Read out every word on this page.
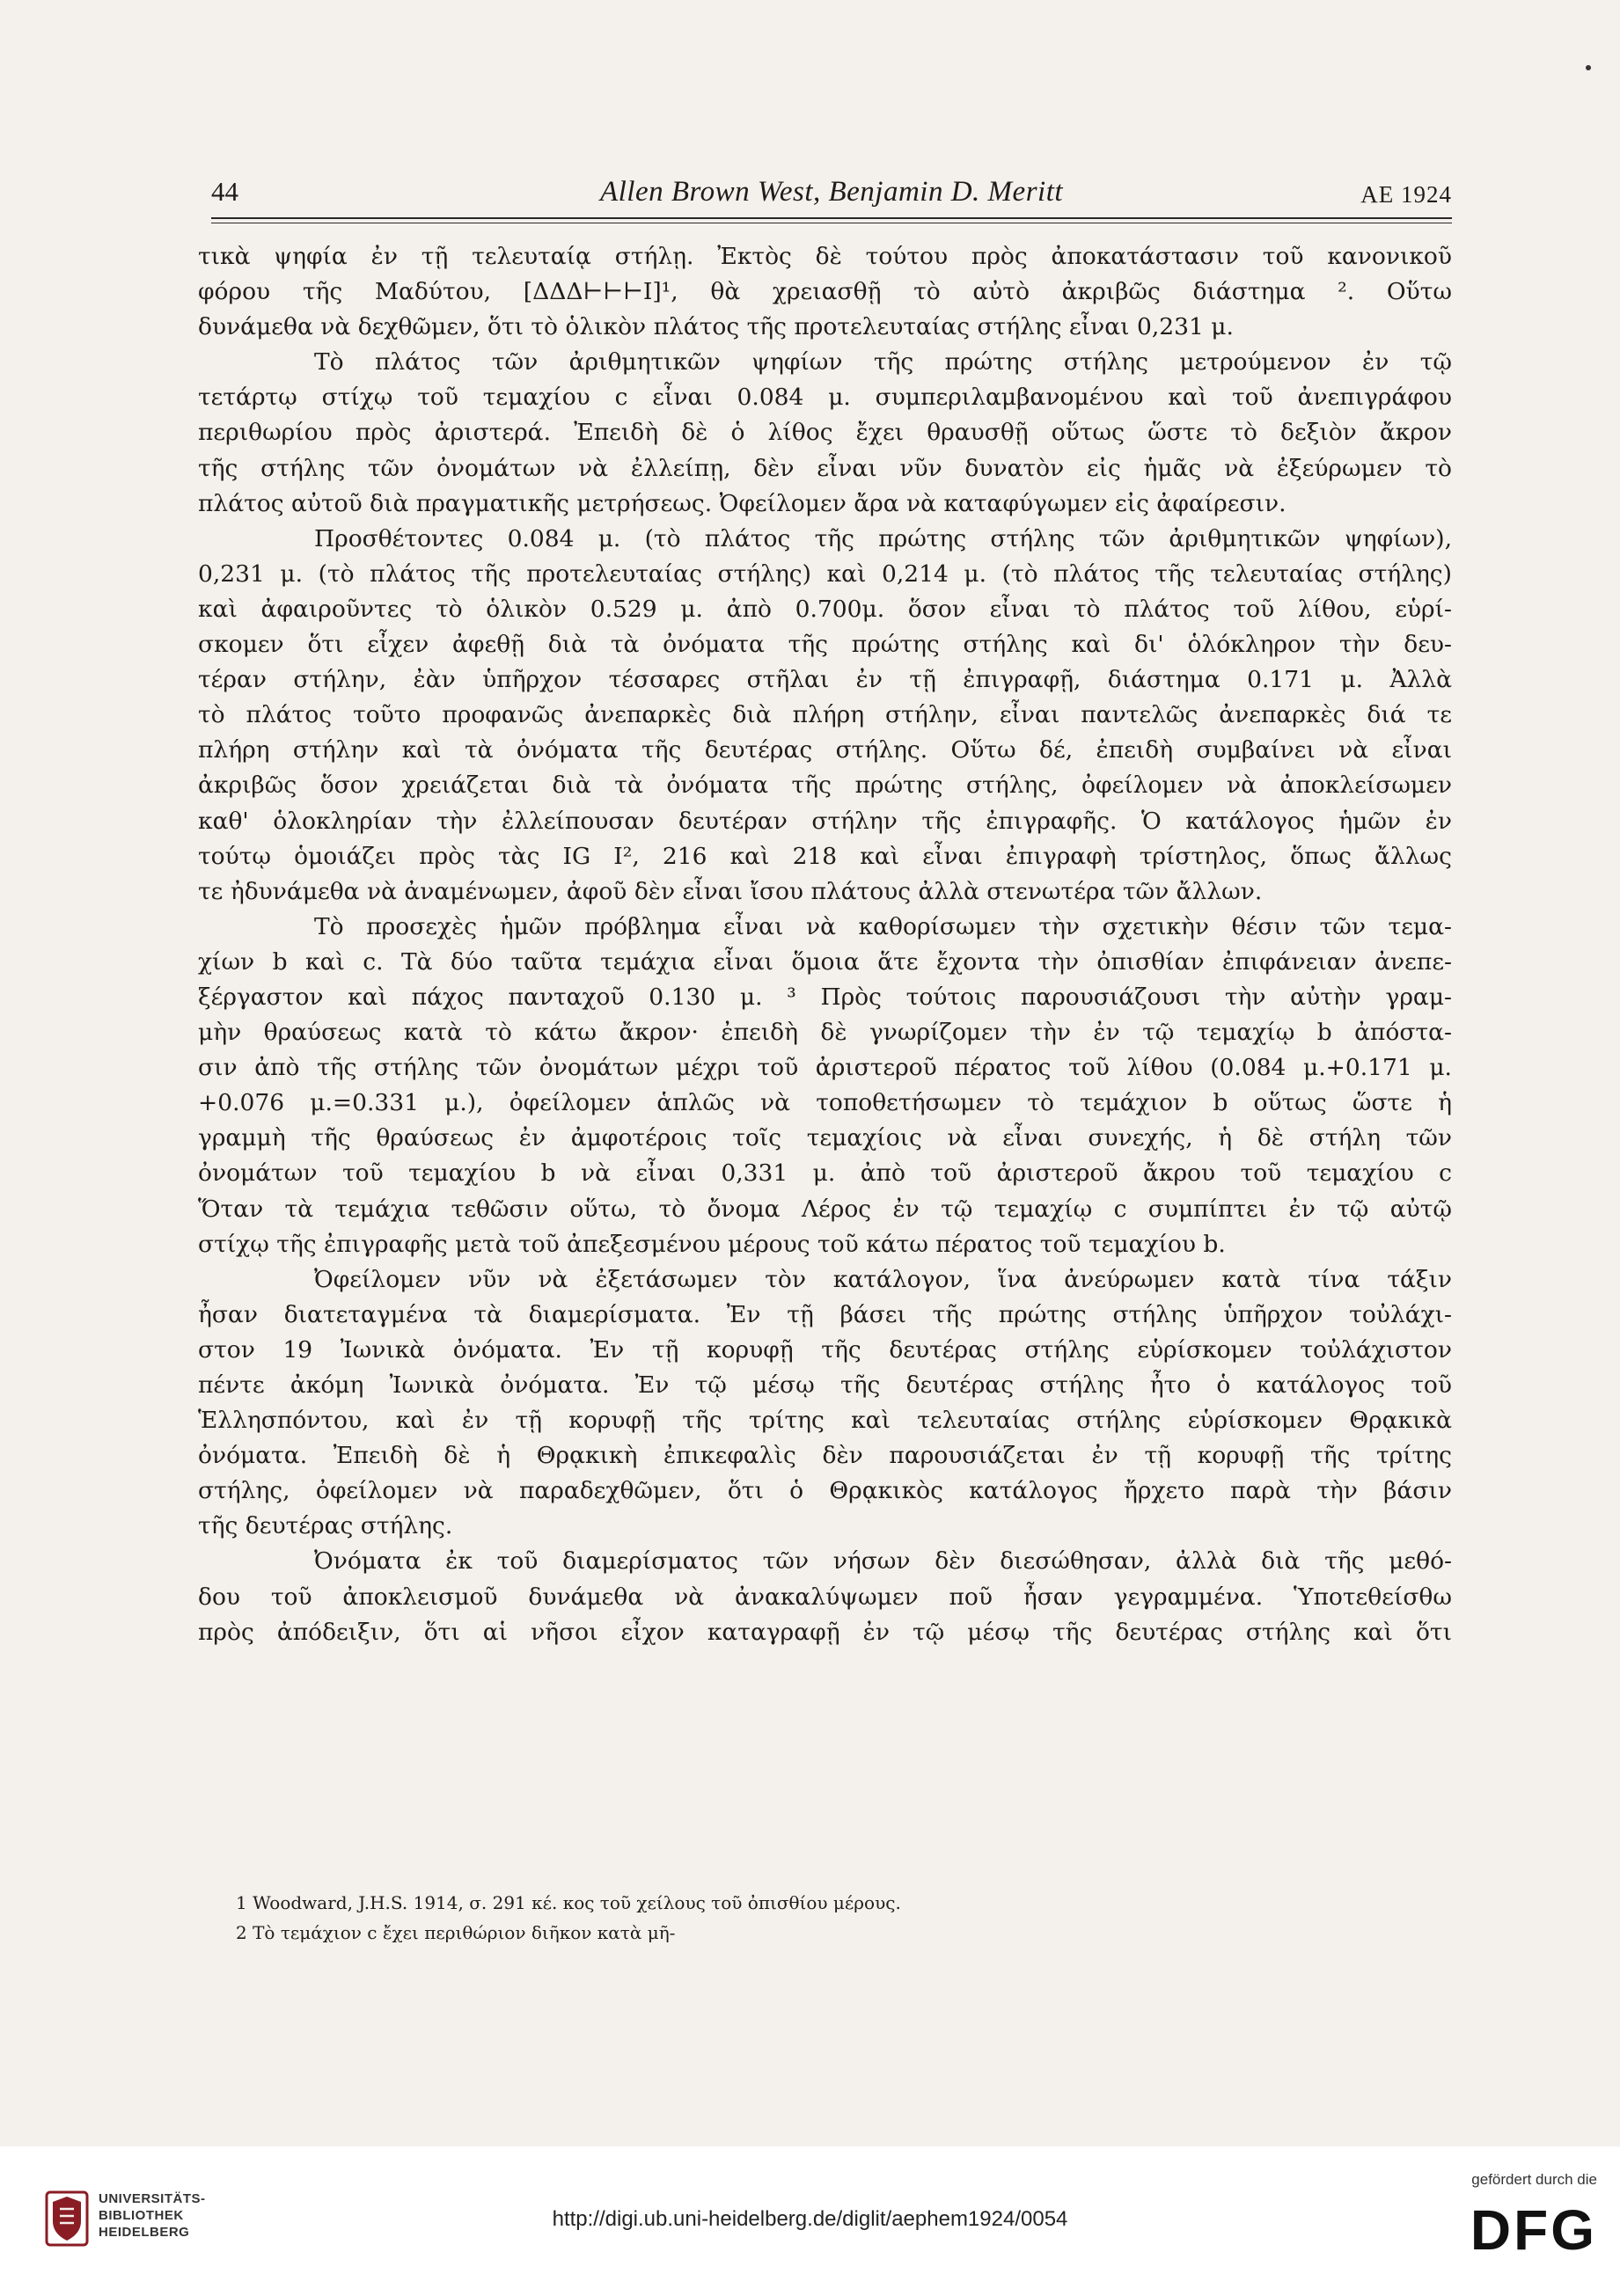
44	Allen Brown West, Benjamin D. Meritt	ΑΕ 1924
τικὰ ψηφία ἐν τῇ τελευταίᾳ στήλῃ. Ἐκτὸς δὲ τούτου πρὸς ἀποκατάστασιν τοῦ κανονικοῦ
φόρου τῆς Μαδύτου, [ΔΔΔ⊢⊢⊢I]¹, θὰ χρειασθῇ τὸ αὐτὸ ἀκριβῶς διάστημα ². Οὕτω
δυνάμεθα νὰ δεχθῶμεν, ὅτι τὸ ὁλικὸν πλάτος τῆς προτελευταίας στήλης εἶναι 0,231 μ.
Τὸ πλάτος τῶν ἀριθμητικῶν ψηφίων τῆς πρώτης στήλης μετρούμενον ἐν τῷ
τετάρτῳ στίχῳ τοῦ τεμαχίου c εἶναι 0.084 μ. συμπεριλαμβανομένου καὶ τοῦ ἀνεπιγράφου
περιθωρίου πρὸς ἀριστερά. Ἐπειδὴ δὲ ὁ λίθος ἔχει θραυσθῇ οὕτως ὥστε τὸ δεξιὸν ἄκρον
τῆς στήλης τῶν ὀνομάτων νὰ ἐλλείπῃ, δὲν εἶναι νῦν δυνατὸν εἰς ἡμᾶς νὰ ἐξεύρωμεν τὸ
πλάτος αὐτοῦ διὰ πραγματικῆς μετρήσεως. Ὀφείλομεν ἄρα νὰ καταφύγωμεν εἰς ἀφαίρεσιν.
Προσθέτοντες 0.084 μ. (τὸ πλάτος τῆς πρώτης στήλης τῶν ἀριθμητικῶν ψηφίων),
0,231 μ. (τὸ πλάτος τῆς προτελευταίας στήλης) καὶ 0,214 μ. (τὸ πλάτος τῆς τελευταίας στήλης)
καὶ ἀφαιροῦντες τὸ ὁλικὸν 0.529 μ. ἀπὸ 0.700μ. ὅσον εἶναι τὸ πλάτος τοῦ λίθου, εὑρί-
σκομεν ὅτι εἶχεν ἀφεθῇ διὰ τὰ ὀνόματα τῆς πρώτης στήλης καὶ δι' ὁλόκληρον τὴν δευ-
τέραν στήλην, ἐὰν ὑπῆρχον τέσσαρες στῆλαι ἐν τῇ ἐπιγραφῇ, διάστημα 0.171 μ. Ἀλλὰ
τὸ πλάτος τοῦτο προφανῶς ἀνεπαρκὲς διὰ πλήρη στήλην, εἶναι παντελῶς ἀνεπαρκὲς διά τε
πλήρη στήλην καὶ τὰ ὀνόματα τῆς δευτέρας στήλης. Οὕτω δέ, ἐπειδὴ συμβαίνει νὰ εἶναι
ἀκριβῶς ὅσον χρειάζεται διὰ τὰ ὀνόματα τῆς πρώτης στήλης, ὀφείλομεν νὰ ἀποκλείσωμεν
καθ' ὁλοκληρίαν τὴν ἐλλείπουσαν δευτέραν στήλην τῆς ἐπιγραφῆς. Ὁ κατάλογος ἡμῶν ἐν
τούτῳ ὁμοιάζει πρὸς τὰς IG I², 216 καὶ 218 καὶ εἶναι ἐπιγραφὴ τρίστηλος, ὅπως ἄλλως
τε ἠδυνάμεθα νὰ ἀναμένωμεν, ἀφοῦ δὲν εἶναι ἴσου πλάτους ἀλλὰ στενωτέρα τῶν ἄλλων.
Τὸ προσεχὲς ἡμῶν πρόβλημα εἶναι νὰ καθορίσωμεν τὴν σχετικὴν θέσιν τῶν τεμα-
χίων b καὶ c. Τὰ δύο ταῦτα τεμάχια εἶναι ὅμοια ἅτε ἔχοντα τὴν ὀπισθίαν ἐπιφάνειαν ἀνεπε-
ξέργαστον καὶ πάχος πανταχοῦ 0.130 μ. ³ Πρὸς τούτοις παρουσιάζουσι τὴν αὐτὴν γραμ-
μὴν θραύσεως κατὰ τὸ κάτω ἄκρον· ἐπειδὴ δὲ γνωρίζομεν τὴν ἐν τῷ τεμαχίῳ b ἀπόστα-
σιν ἀπὸ τῆς στήλης τῶν ὀνομάτων μέχρι τοῦ ἀριστεροῦ πέρατος τοῦ λίθου (0.084 μ.+0.171 μ.
+0.076 μ.=0.331 μ.), ὀφείλομεν ἁπλῶς νὰ τοποθετήσωμεν τὸ τεμάχιον b οὕτως ὥστε ἡ
γραμμὴ τῆς θραύσεως ἐν ἀμφοτέροις τοῖς τεμαχίοις νὰ εἶναι συνεχής, ἡ δὲ στήλη τῶν
ὀνομάτων τοῦ τεμαχίου b νὰ εἶναι 0,331 μ. ἀπὸ τοῦ ἀριστεροῦ ἄκρου τοῦ τεμαχίου c
Ὅταν τὰ τεμάχια τεθῶσιν οὕτω, τὸ ὄνομα Λέρος ἐν τῷ τεμαχίῳ c συμπίπτει ἐν τῷ αὐτῷ
στίχῳ τῆς ἐπιγραφῆς μετὰ τοῦ ἀπεξεσμένου μέρους τοῦ κάτω πέρατος τοῦ τεμαχίου b.
Ὀφείλομεν νῦν νὰ ἐξετάσωμεν τὸν κατάλογον, ἵνα ἀνεύρωμεν κατὰ τίνα τάξιν
ἦσαν διατεταγμένα τὰ διαμερίσματα. Ἐν τῇ βάσει τῆς πρώτης στήλης ὑπῆρχον τοὐλάχι-
στον 19 Ἰωνικὰ ὀνόματα. Ἐν τῇ κορυφῇ τῆς δευτέρας στήλης εὑρίσκομεν τοὐλάχιστον
πέντε ἀκόμη Ἰωνικὰ ὀνόματα. Ἐν τῷ μέσῳ τῆς δευτέρας στήλης ἦτο ὁ κατάλογος τοῦ
Ἑλλησπόντου, καὶ ἐν τῇ κορυφῇ τῆς τρίτης καὶ τελευταίας στήλης εὑρίσκομεν Θρᾳκικὰ
ὀνόματα. Ἐπειδὴ δὲ ἡ Θρᾳκικὴ ἐπικεφαλὶς δὲν παρουσιάζεται ἐν τῇ κορυφῇ τῆς τρίτης
στήλης, ὀφείλομεν νὰ παραδεχθῶμεν, ὅτι ὁ Θρᾳκικὸς κατάλογος ἤρχετο παρὰ τὴν βάσιν
τῆς δευτέρας στήλης.
Ὀνόματα ἐκ τοῦ διαμερίσματος τῶν νήσων δὲν διεσώθησαν, ἀλλὰ διὰ τῆς μεθό-
δου τοῦ ἀποκλεισμοῦ δυνάμεθα νὰ ἀνακαλύψωμεν ποῦ ἦσαν γεγραμμένα. Ὑποτεθείσθω
πρὸς ἀπόδειξιν, ὅτι αἱ νῆσοι εἶχον καταγραφῇ ἐν τῷ μέσῳ τῆς δευτέρας στήλης καὶ ὅτι
1 Woodward, J.H.S. 1914, σ. 291 κέ. κος τοῦ χείλους τοῦ ὀπισθίου μέρους.
2 Τὸ τεμάχιον c ἔχει περιθώριον διῆκον κατὰ μῆ-
UNIVERSITÄTS-
BIBLIOTHEK
HEIDELBERG
http://digi.ub.uni-heidelberg.de/diglit/aephem1924/0054
gefördert durch die
DFG
